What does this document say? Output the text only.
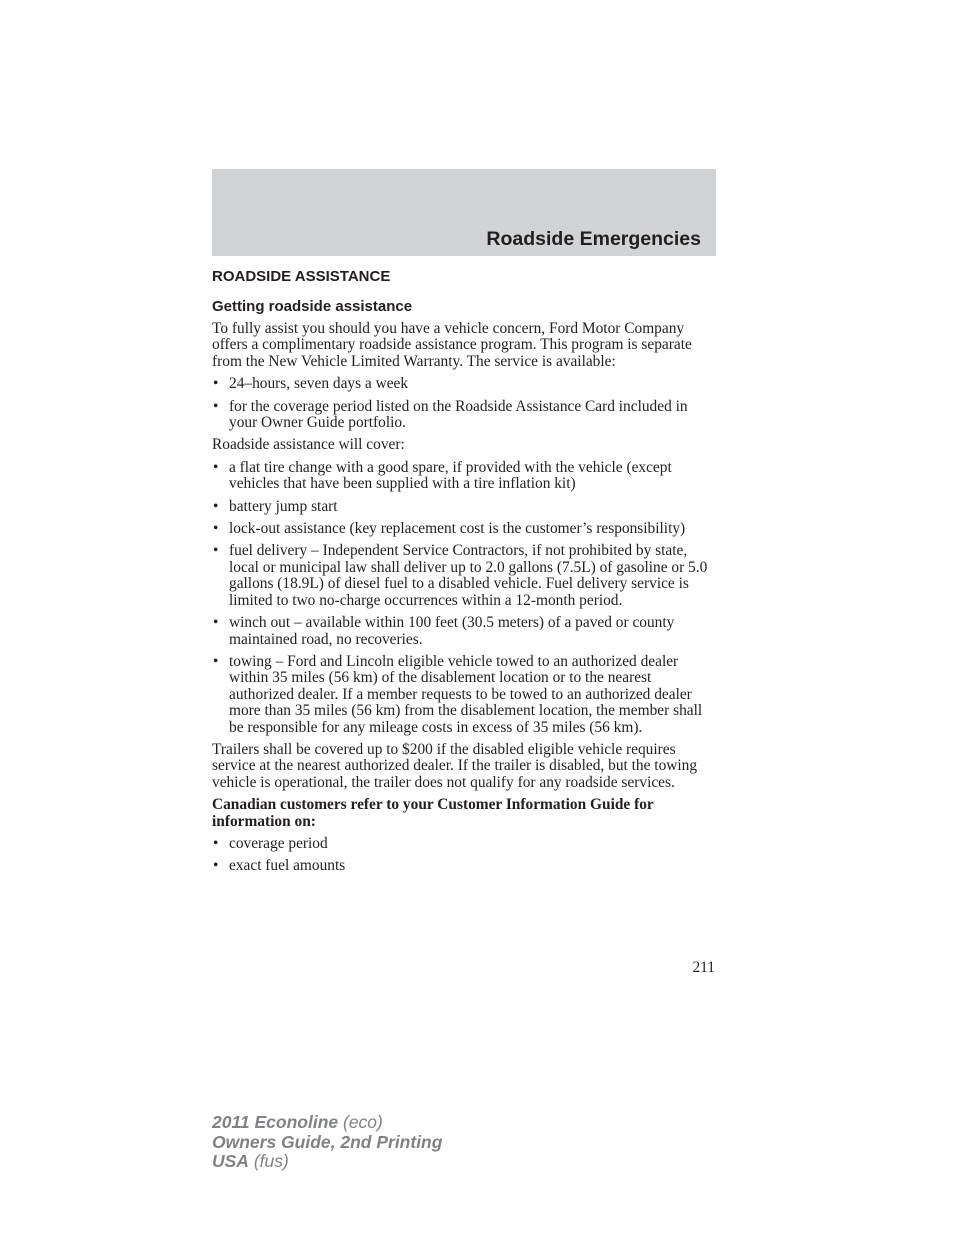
Roadside Emergencies
ROADSIDE ASSISTANCE
Getting roadside assistance

To fully assist you should you have a vehicle concern, Ford Motor Company offers a complimentary roadside assistance program. This program is separate from the New Vehicle Limited Warranty. The service is available:

• 24–hours, seven days a week
• for the coverage period listed on the Roadside Assistance Card included in your Owner Guide portfolio.

Roadside assistance will cover:

• a flat tire change with a good spare, if provided with the vehicle (except vehicles that have been supplied with a tire inflation kit)
• battery jump start
• lock-out assistance (key replacement cost is the customer’s responsibility)
• fuel delivery – Independent Service Contractors, if not prohibited by state, local or municipal law shall deliver up to 2.0 gallons (7.5L) of gasoline or 5.0 gallons (18.9L) of diesel fuel to a disabled vehicle. Fuel delivery service is limited to two no-charge occurrences within a 12-month period.
• winch out – available within 100 feet (30.5 meters) of a paved or county maintained road, no recoveries.
• towing – Ford and Lincoln eligible vehicle towed to an authorized dealer within 35 miles (56 km) of the disablement location or to the nearest authorized dealer. If a member requests to be towed to an authorized dealer more than 35 miles (56 km) from the disablement location, the member shall be responsible for any mileage costs in excess of 35 miles (56 km).

Trailers shall be covered up to $200 if the disabled eligible vehicle requires service at the nearest authorized dealer. If the trailer is disabled, but the towing vehicle is operational, the trailer does not qualify for any roadside services.

Canadian customers refer to your Customer Information Guide for information on:

• coverage period
• exact fuel amounts
211
2011 Econoline (eco)
Owners Guide, 2nd Printing
USA (fus)
